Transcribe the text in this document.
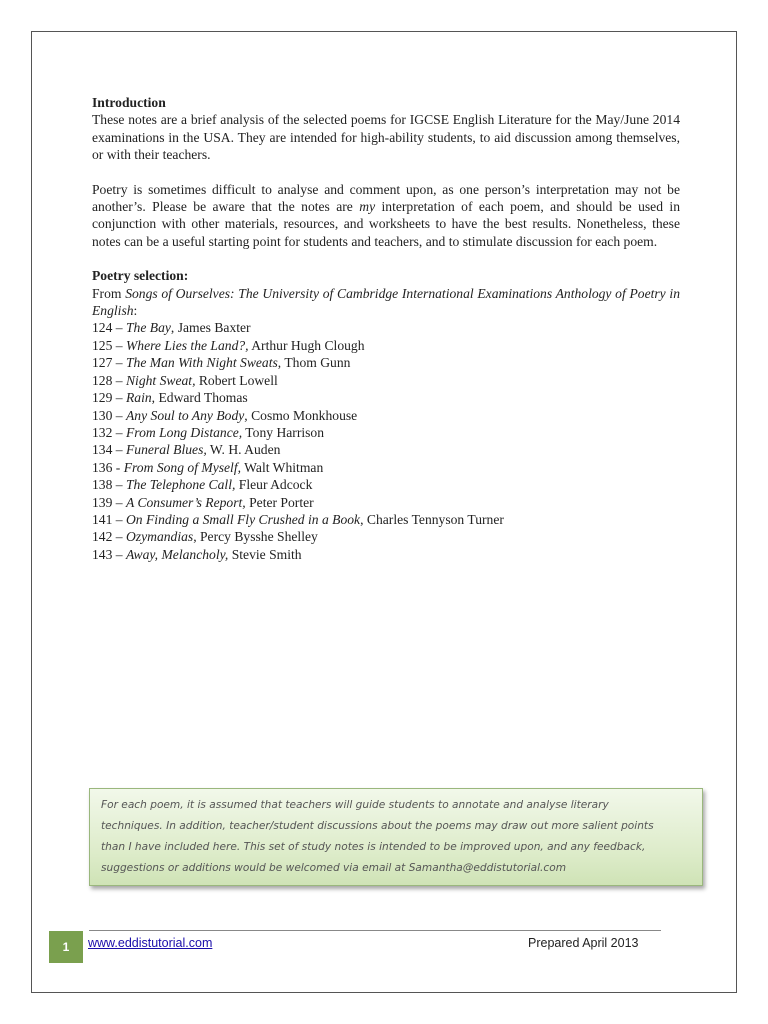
Introduction

These notes are a brief analysis of the selected poems for IGCSE English Literature for the May/June 2014 examinations in the USA. They are intended for high-ability students, to aid discussion among themselves, or with their teachers.

Poetry is sometimes difficult to analyse and comment upon, as one person’s interpretation may not be another’s. Please be aware that the notes are my interpretation of each poem, and should be used in conjunction with other materials, resources, and worksheets to have the best results. Nonetheless, these notes can be a useful starting point for students and teachers, and to stimulate discussion for each poem.

Poetry selection:

From Songs of Ourselves: The University of Cambridge International Examinations Anthology of Poetry in English:

124 – The Bay, James Baxter
125 – Where Lies the Land?, Arthur Hugh Clough
127 – The Man With Night Sweats, Thom Gunn
128 – Night Sweat, Robert Lowell
129 – Rain, Edward Thomas
130 – Any Soul to Any Body, Cosmo Monkhouse
132 – From Long Distance, Tony Harrison
134 – Funeral Blues, W. H. Auden
136 - From Song of Myself, Walt Whitman
138 – The Telephone Call, Fleur Adcock
139 – A Consumer’s Report, Peter Porter
141 – On Finding a Small Fly Crushed in a Book, Charles Tennyson Turner
142 – Ozymandias, Percy Bysshe Shelley
143 – Away, Melancholy, Stevie Smith
For each poem, it is assumed that teachers will guide students to annotate and analyse literary
techniques. In addition, teacher/student discussions about the poems may draw out more salient points
than I have included here. This set of study notes is intended to be improved upon, and any feedback,
suggestions or additions would be welcomed via email at Samantha@eddistutorial.com
1	www.eddistutorial.com	Prepared April 2013
